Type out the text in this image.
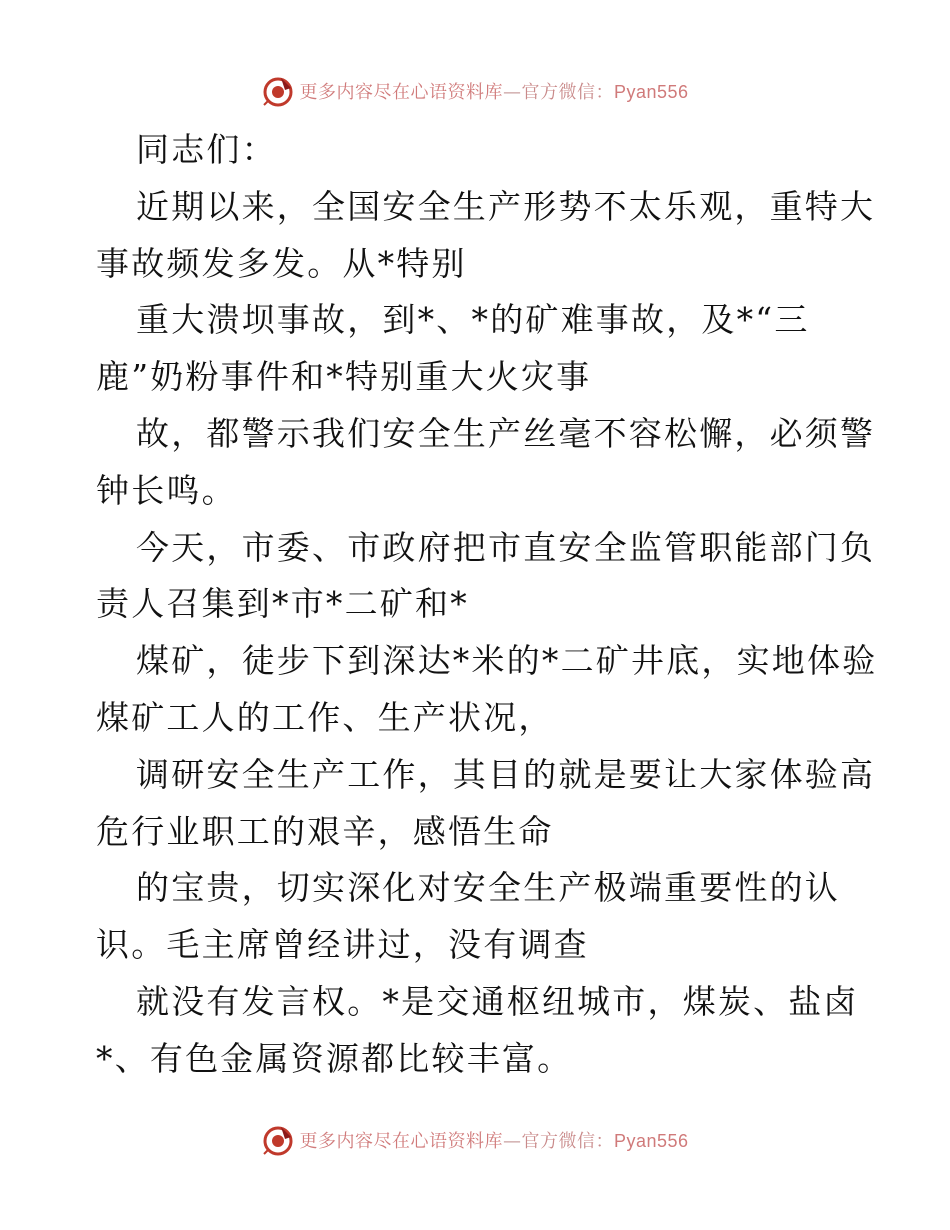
更多内容尽在心语资料库—官方微信：Pyan556
同志们：
近期以来，全国安全生产形势不太乐观，重特大
事故频发多发。从*特别
重大溃坝事故，到*、*的矿难事故，及*“三
鹿”奶粉事件和*特别重大火灾事
故，都警示我们安全生产丝毫不容松懈，必须警
钟长鸣。
今天，市委、市政府把市直安全监管职能部门负
责人召集到*市*二矿和*
煤矿，徒步下到深达*米的*二矿井底，实地体验
煤矿工人的工作、生产状况，
调研安全生产工作，其目的就是要让大家体验高
危行业职工的艰辛，感悟生命
的宝贵，切实深化对安全生产极端重要性的认
识。毛主席曾经讲过，没有调查
就没有发言权。*是交通枢纽城市，煤炭、盐卤
*、有色金属资源都比较丰富。
更多内容尽在心语资料库—官方微信：Pyan556
